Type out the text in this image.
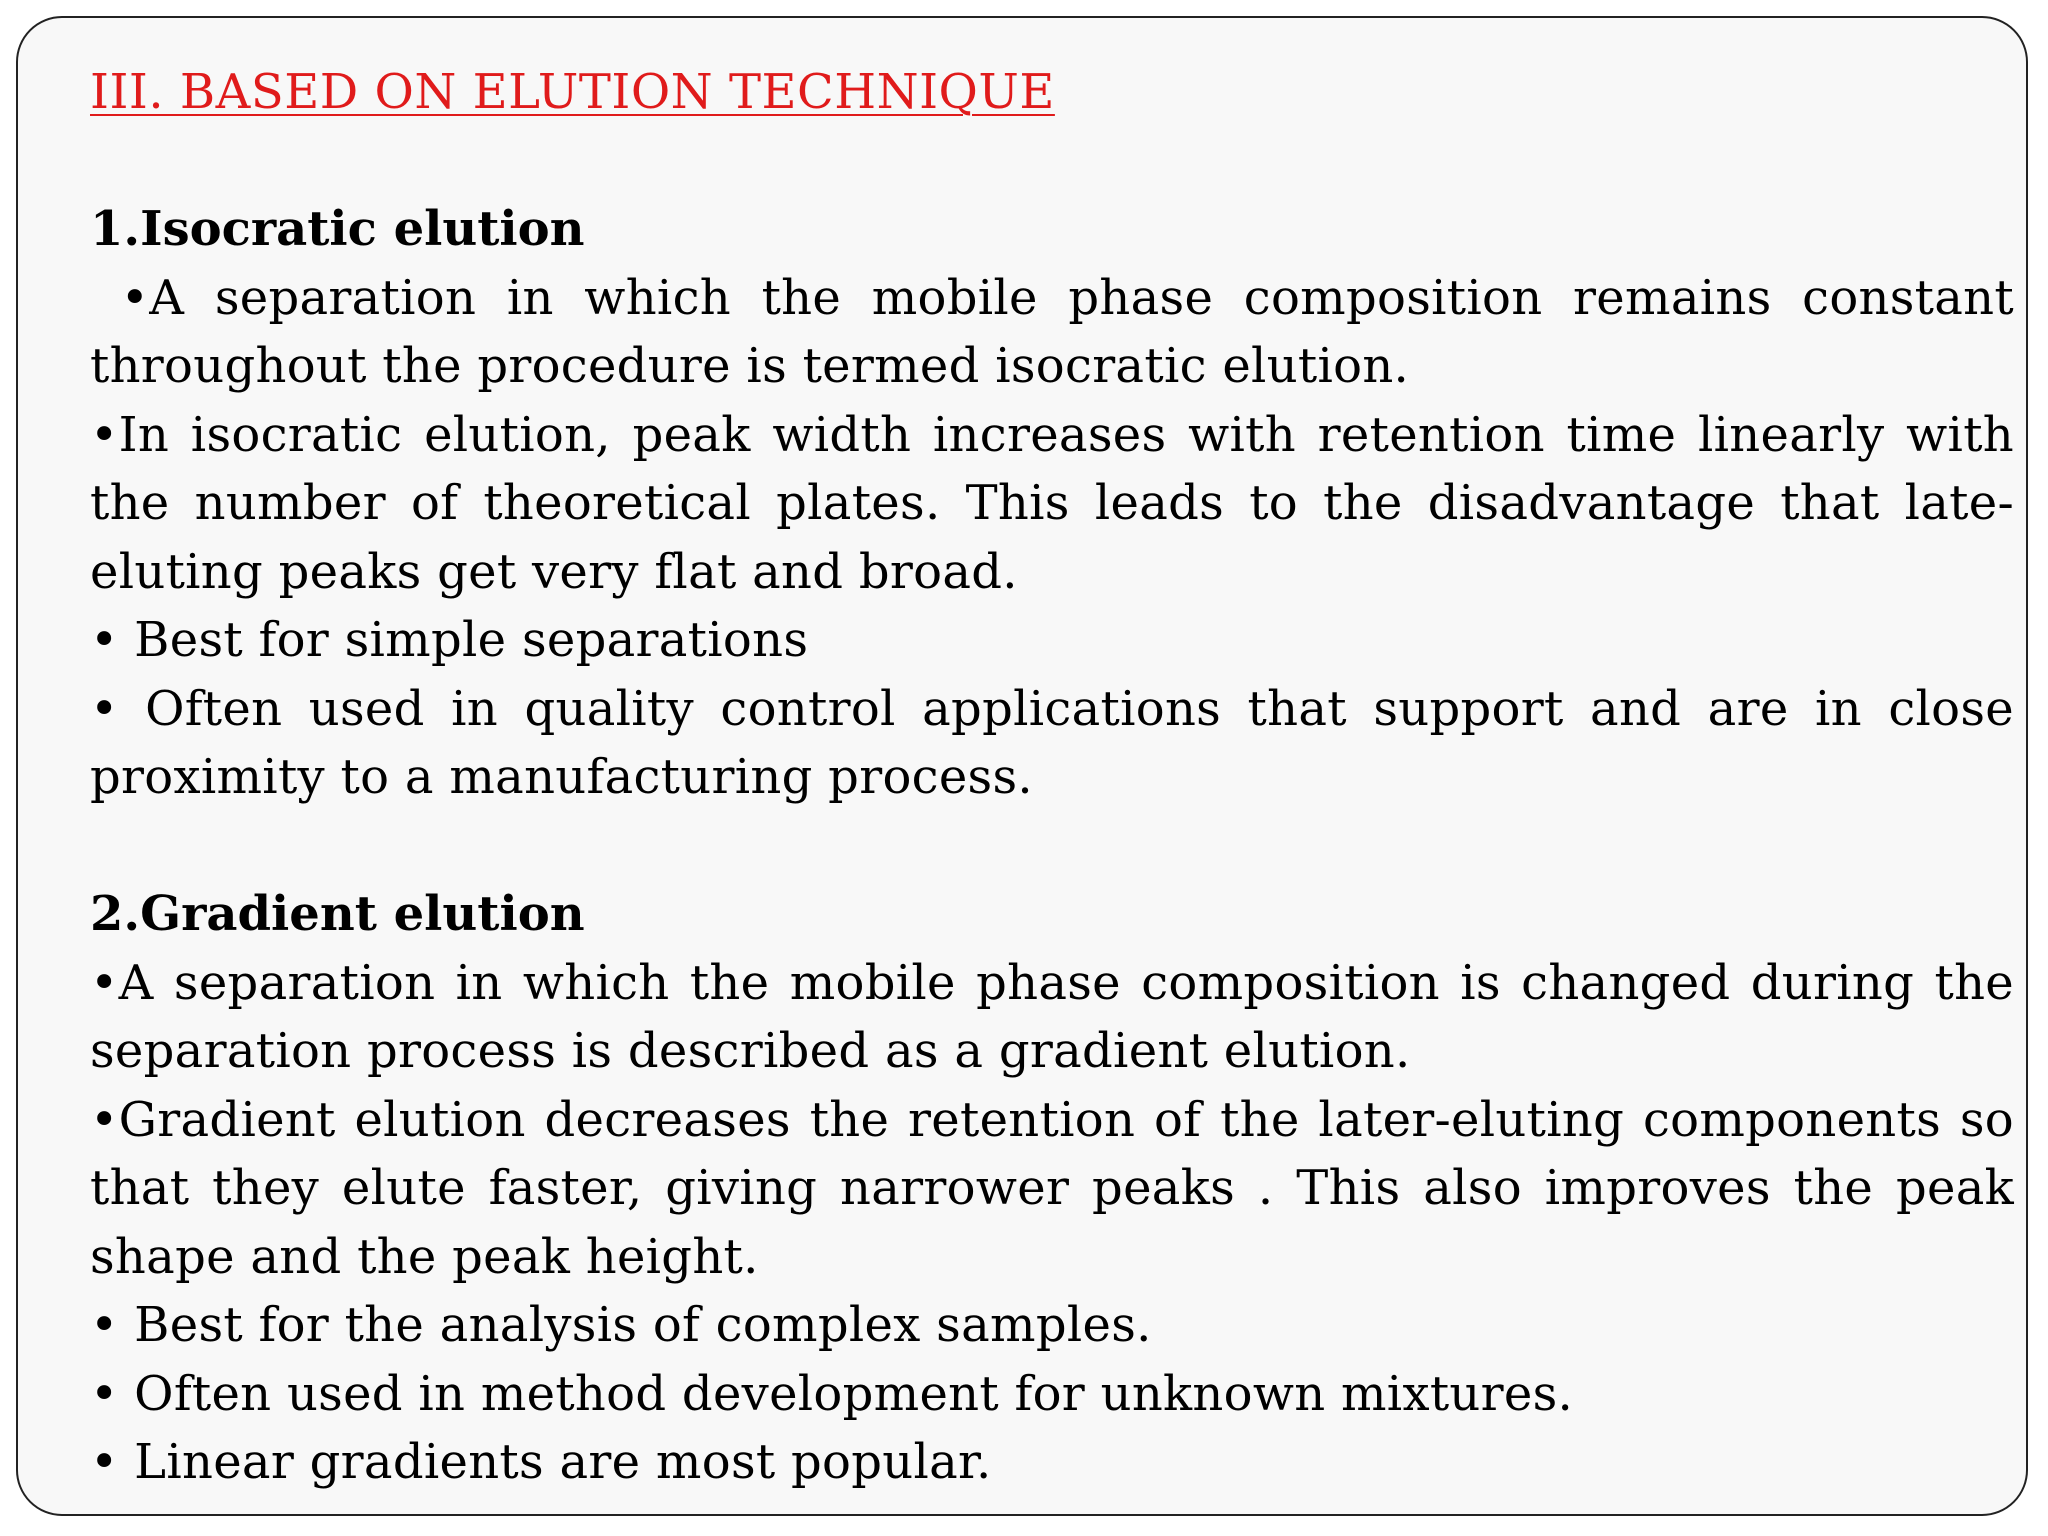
III. BASED ON ELUTION TECHNIQUE
1.Isocratic elution

•A separation in which the mobile phase composition remains constant throughout the procedure is termed isocratic elution.

•In isocratic elution, peak width increases with retention time linearly with the number of theoretical plates. This leads to the disadvantage that late-eluting peaks get very flat and broad.

• Best for simple separations

• Often used in quality control applications that support and are in close proximity to a manufacturing process.

2.Gradient elution

•A separation in which the mobile phase composition is changed during the separation process is described as a gradient elution.

•Gradient elution decreases the retention of the later-eluting components so that they elute faster, giving narrower peaks . This also improves the peak shape and the peak height.

• Best for the analysis of complex samples.

• Often used in method development for unknown mixtures.

• Linear gradients are most popular.
